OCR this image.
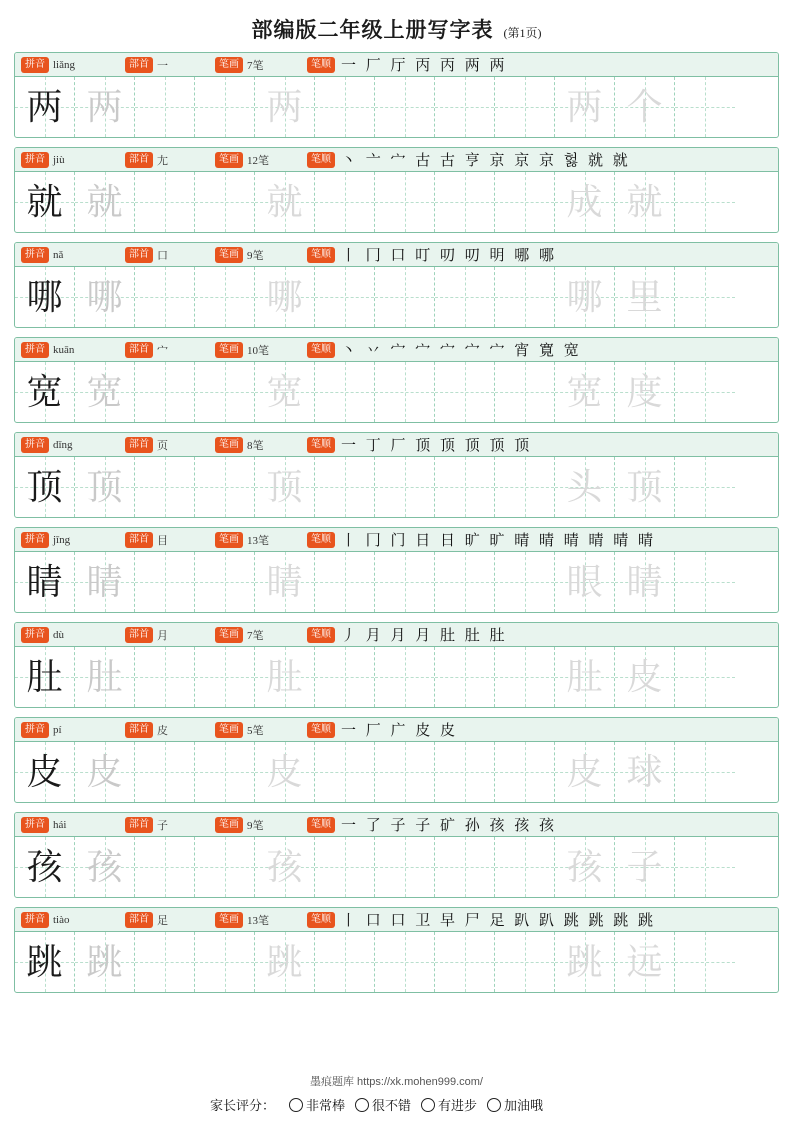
部编版二年级上册写字表 (第1页)
拼音 liǎng	部首 一	笔画 7笔	笔顺 一 厂 厅 丙 丙 两 两
两 两	两	两 个
拼音 jiù	部首 尢	笔画 12笔	笔顺 丶 亠 宀 古 古 亨 京 京 京 헗 就 就
就 就	就	成 就
拼音 nǎ	部首 口	笔画 9笔	笔顺 丨 冂 口 叮 叨 叨 明 哪 哪
哪 哪	哪	哪 里
拼音 kuān	部首 宀	笔画 10笔	笔顺 丶 丷 宀 宀 宀 宀 宀 宵 寛 宽
宽 宽	宽	宽 度
拼音 dǐng	部首 页	笔画 8笔	笔顺 一 丁 厂 顶 顶 顶 顶 顶
顶 顶	顶	头 顶
拼音 jīng	部首 目	笔画 13笔	笔顺 丨 冂 门 日 日 旷 旷 晴 晴 晴 晴 晴 晴
睛 睛	睛	眼 睛
拼音 dù	部首 月	笔画 7笔	笔顺 丿 月 月 月 肚 肚 肚
肚 肚	肚	肚 皮
拼音 pí	部首 皮	笔画 5笔	笔顺 一 厂 广 皮 皮
皮 皮	皮	皮 球
拼音 hái	部首 子	笔画 9笔	笔顺 一 了 子 子 矿 孙 孩 孩 孩
孩 孩	孩	孩 子
拼音 tiào	部首 足	笔画 13笔	笔顺 丨 口 口 卫 早 尸 足 趴 趴 跳 跳 跳 跳
跳 跳	跳	跳 远
墨痕题库 https://xk.mohen999.com/
家长评分： 非常棒 很不错 有进步 加油哦
